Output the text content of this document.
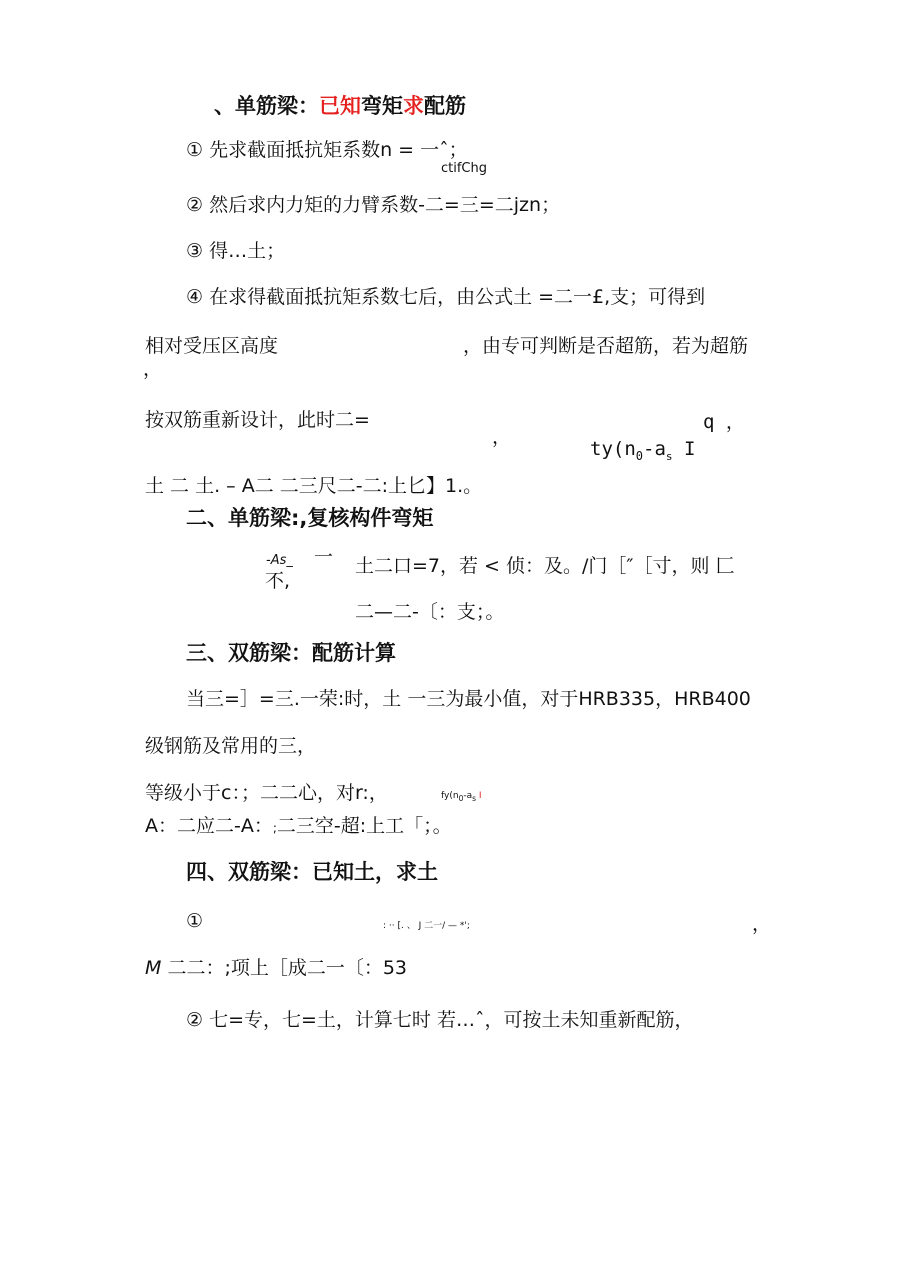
、单筋梁：已知弯矩求配筋
① 先求截面抵抗矩系数n = 一ˆ；
ctifChg
② 然后求内力矩的力臂系数-二=三=二jzn；
③ 得…土；
④ 在求得截面抵抗矩系数七后，由公式土 =二一£,支；可得到
相对受压区高度	，由专可判断是否超筋，若为超筋
，
按双筋重新设计，此时二=	q ，
，
$ty(n_0-a_s$ I
土 二 土. – A二 二三尺二-二:上匕】1.。
二、单筋梁:,复核构件弯矩
-As_
不,
一 土二口=7，若 < 侦：及。/门［″［寸，则 匚
二—二-〔：支；。
三、双筋梁：配筋计算
当三=］=三.一荣:时，土 一三为最小值，对于HRB335，HRB400
级钢筋及常用的三，
等级小于c：；二二心，对r:，	$fy(n_0-a_s$ I
A：二应二-A：;二三空-超:上工「；。
四、双筋梁：已知土，求土
①	: ·· [. 、 J 二一/ — *';	，
M 二二：;项上［成二一〔：53
② 七=专，七=土，计算七时 若…ˆ，可按土未知重新配筋，
